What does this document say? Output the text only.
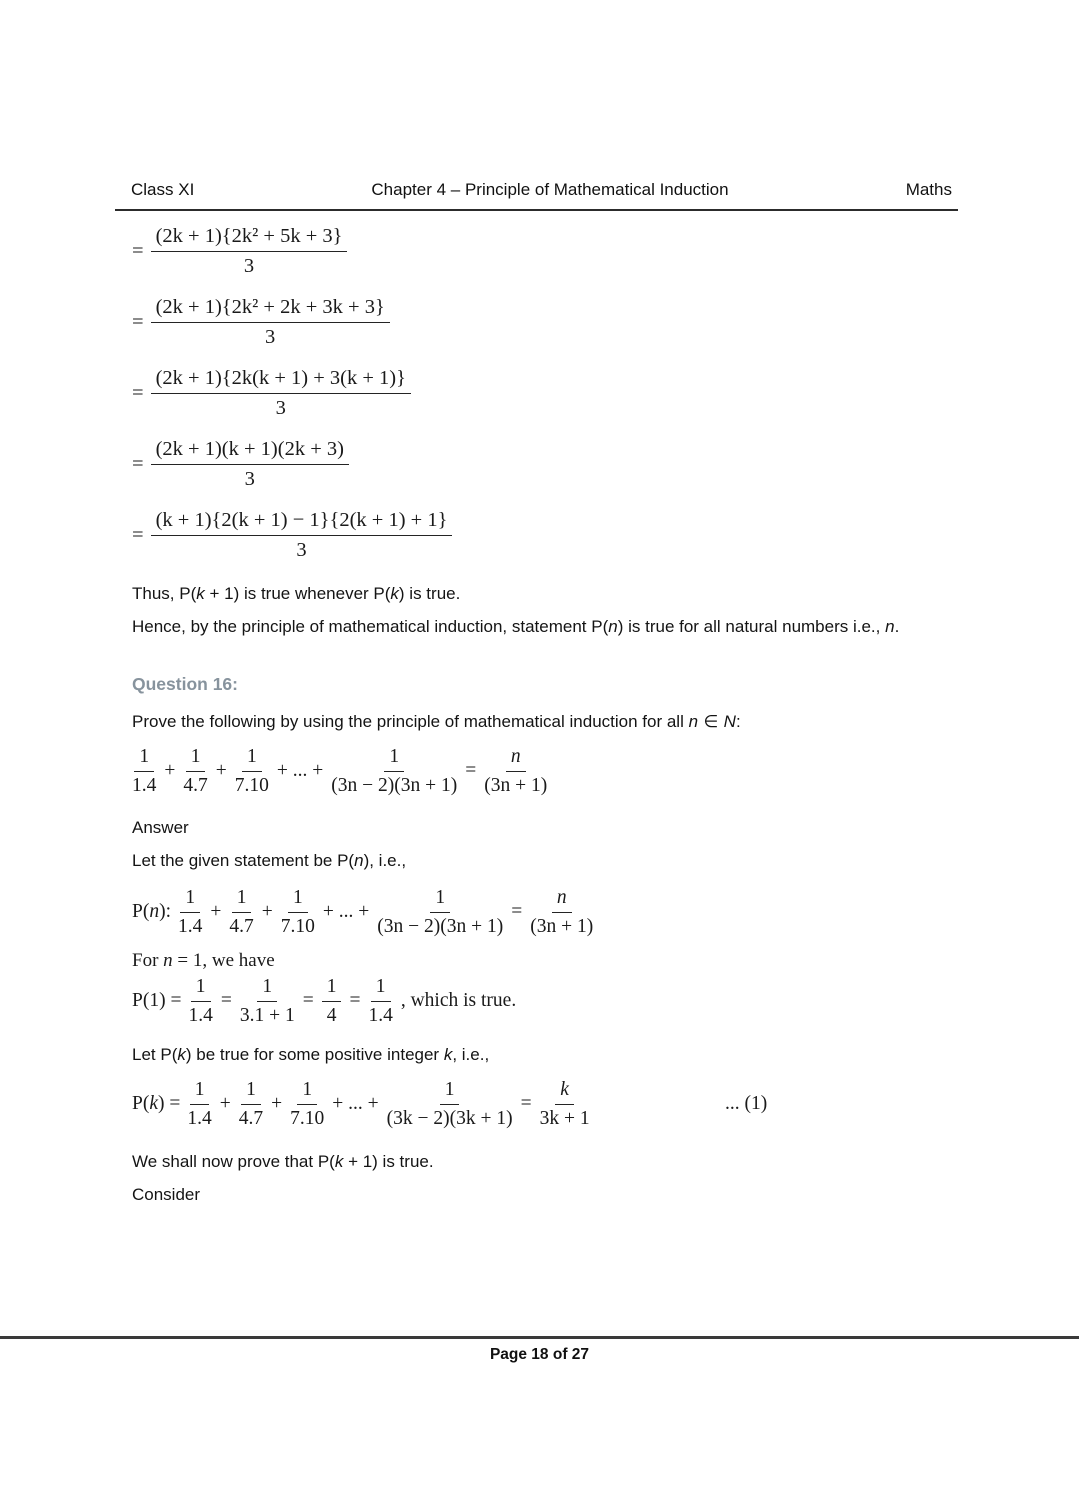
Class XI	Chapter 4 – Principle of Mathematical Induction	Maths
= $\frac{\text{(2k + 1)\{2k² + 5k + 3\}}}{3}$
= $\frac{\text{(2k + 1)\{2k² + 2k + 3k + 3\}}}{3}$
= $\frac{(2k + 1)\{2k(k + 1) + 3(k + 1)\}}{3}$
= $\frac{(2k + 1)(k + 1)(2k + 3)}{3}$
= $\frac{(k + 1)\{2(k + 1) - 1\}\{2(k + 1) + 1\}}{3}$

Thus, P(k + 1) is true whenever P(k) is true.

Hence, by the principle of mathematical induction, statement P(n) is true for all natural numbers i.e., n.

Question 16:

Prove the following by using the principle of mathematical induction for all n ∈ N:

$\frac{1}{1.4} + \frac{1}{4.7} + \frac{1}{7.10}$ + ... + $\frac{1}{(3n - 2)(3n + 1)} = \frac{n}{(3n + 1)}$

Answer

Let the given statement be P(n), i.e.,

P(n): $\frac{1}{1.4} + \frac{1}{4.7} + \frac{1}{7.10}$ + ... + $\frac{1}{(3n - 2)(3n + 1)} = \frac{n}{(3n + 1)}$

For n = 1, we have

$P(1) = \frac{1}{1.4} = \frac{1}{3.1 + 1} = \frac{1}{4} = \frac{1}{1.4}$ , which is true.

Let P(k) be true for some positive integer k, i.e.,

$P(k) = \frac{1}{1.4} + \frac{1}{4.7} + \frac{1}{7.10}$ + ... + $\frac{1}{(3k - 2)(3k + 1)} = \frac{k}{3k + 1}$	... (1)

We shall now prove that P(k + 1) is true.

Consider

Page 18 of 27
